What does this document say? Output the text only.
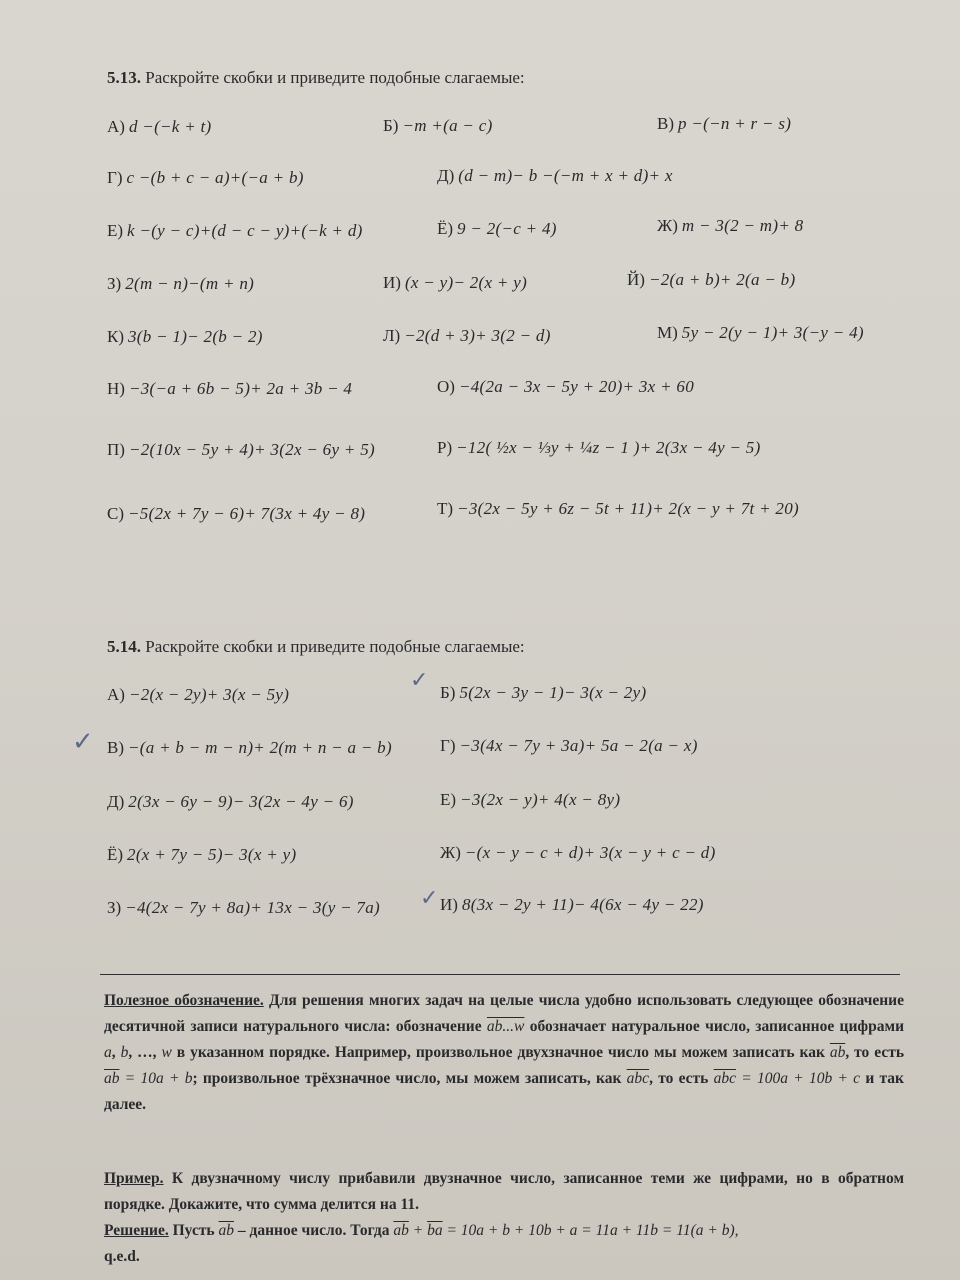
5.13. Раскройте скобки и приведите подобные слагаемые:
А) d −(−k + t)	Б) −m +(a − c)	В) p −(−n + r − s)
Г) c −(b + c − a)+(−a + b)	Д) (d − m)− b −(−m + x + d)+ x
Е) k −(y − c)+(d − c − y)+(−k + d)	Ё) 9 − 2(−c + 4)	Ж) m − 3(2 − m)+ 8
З) 2(m − n)−(m + n)	И) (x − y)− 2(x + y)	Й) −2(a + b)+ 2(a − b)
К) 3(b − 1)− 2(b − 2)	Л) −2(d + 3)+ 3(2 − d)	М) 5y − 2(y − 1)+ 3(−y − 4)
Н) −3(−a + 6b − 5)+ 2a + 3b − 4	О) −4(2a − 3x − 5y + 20)+ 3x + 60
П) −2(10x − 5y + 4)+ 3(2x − 6y + 5)	Р) −12( ½x − ⅓y + ¼z − 1 )+ 2(3x − 4y − 5)
С) −5(2x + 7y − 6)+ 7(3x + 4y − 8)	Т) −3(2x − 5y + 6z − 5t + 11)+ 2(x − y + 7t + 20)
5.14. Раскройте скобки и приведите подобные слагаемые:
А) −2(x − 2y)+ 3(x − 5y)
✓ Б) 5(2x − 3y − 1)− 3(x − 2y)
✓ В) −(a + b − m − n)+ 2(m + n − a − b)	Г) −3(4x − 7y + 3a)+ 5a − 2(a − x)
Д) 2(3x − 6y − 9)− 3(2x − 4y − 6)	Е) −3(2x − y)+ 4(x − 8y)
Ё) 2(x + 7y − 5)− 3(x + y)	Ж) −(x − y − c + d)+ 3(x − y + c − d)
З) −4(2x − 7y + 8a)+ 13x − 3(y − 7a) ✓ И) 8(3x − 2y + 11)− 4(6x − 4y − 22)
Полезное обозначение. Для решения многих задач на целые числа удобно использовать следующее обозначение десятичной записи натурального числа: обозначение ab...w обозначает натуральное число, записанное цифрами a, b, …, w в указанном порядке. Например, произвольное двухзначное число мы можем записать как $\overline{ab}$, то есть $\overline{ab} = 10a + b$; произвольное трёхзначное число, мы можем записать, как $\overline{abc}$, то есть $\overline{abc} = 100a + 10b + c$ и так далее.
Пример. К двузначному числу прибавили двузначное число, записанное теми же цифрами, но в обратном порядке. Докажите, что сумма делится на 11.
Решение. Пусть $\overline{ab}$ – данное число. Тогда $\overline{ab} + \overline{ba} = 10a + b + 10b + a = 11a + 11b = 11(a + b)$,
q.e.d.
